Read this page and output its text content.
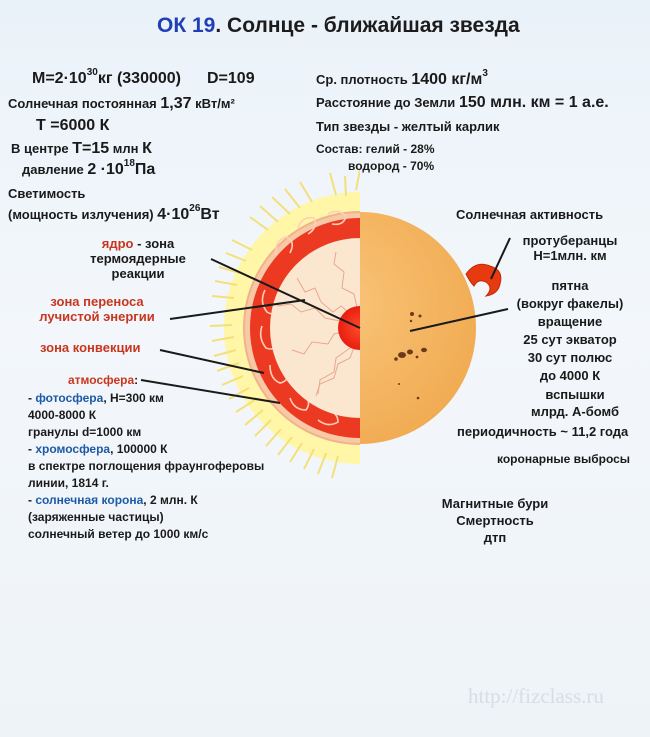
ОК 19. Солнце - ближайшая звезда
$M=2\cdot 10^{30}кг$ (330000) D=109
Солнечная постоянная 1,37 кВт/м²
T =6000 К
В центре T=15 млн К
давление $2 \cdot 10^{18}Па$
Светимость
(мощность излучения) $4\cdot 10^{26}Вт$
Ср. плотность 1400 $кг/м^3$
Расстояние до Земли 150 млн. км = 1 а.е.
Тип звезды - желтый карлик
Состав: гелий - 28%
водород - 70%
ядро - зона
термоядерные
реакции
зона переноса
лучистой энергии
зона конвекции
атмосфера:
- фотосфера, H=300 км
4000-8000 К
гранулы d=1000 км
- хромосфера, 100000 К
в спектре поглощения фраунгоферовы
линии, 1814 г.
- солнечная корона, 2 млн. К
(заряженные частицы)
солнечный ветер до 1000 км/с
Солнечная активность
протуберанцы
H=1млн. км
пятна
(вокруг факелы)
вращение
25 сут экватор
30 сут полюс
до 4000 К
вспышки
млрд. А-бомб
периодичность ~ 11,2 года
коронарные выбросы
Магнитные бури
Смертность
дтп
http://fizclass.ru
